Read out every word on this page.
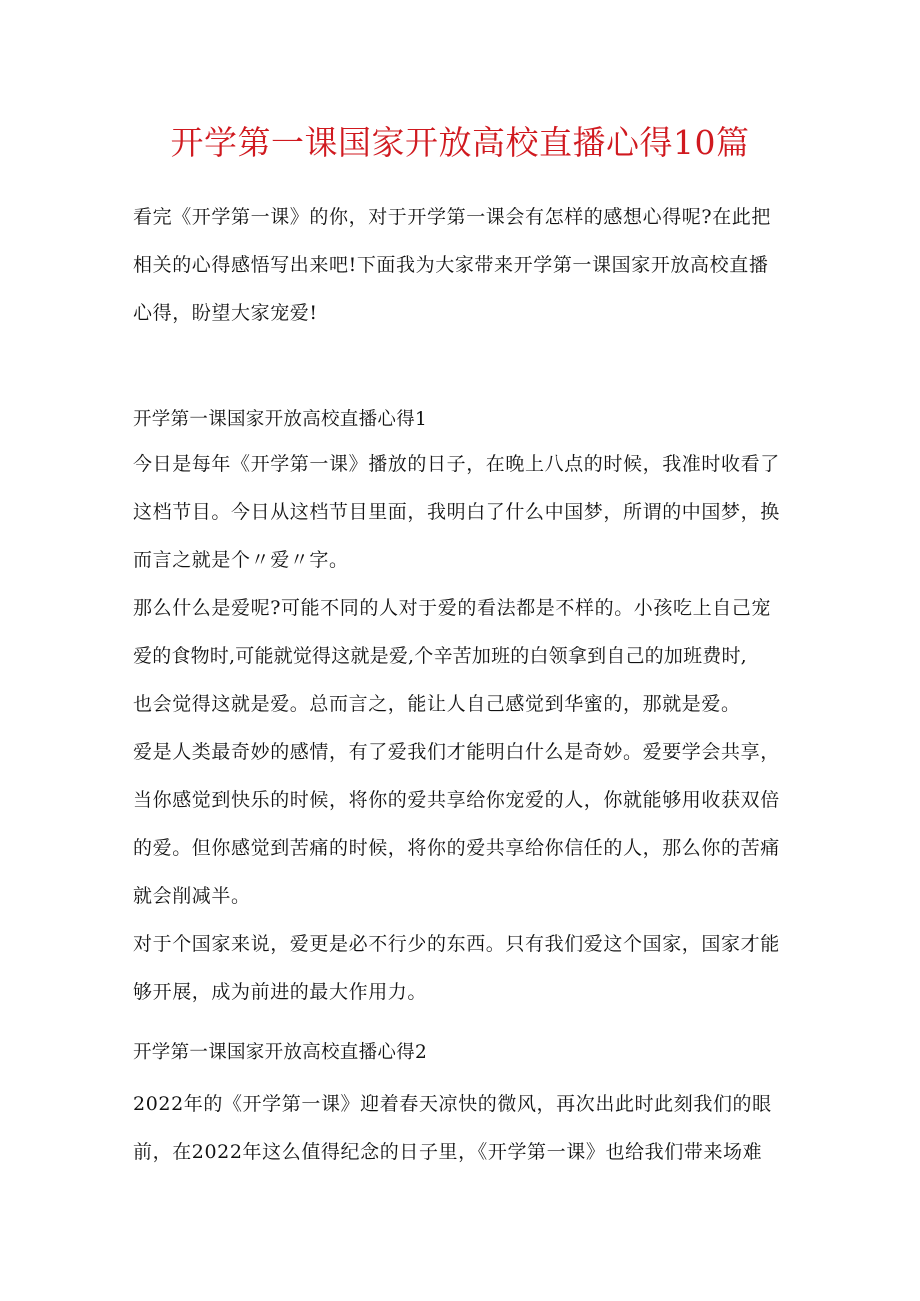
开学第一课国家开放高校直播心得10篇
看完《开学第一课》的你，对于开学第一课会有怎样的感想心得呢?在此把
相关的心得感悟写出来吧!下面我为大家带来开学第一课国家开放高校直播
心得，盼望大家宠爱!
开学第一课国家开放高校直播心得1
今日是每年《开学第一课》播放的日子，在晚上八点的时候，我准时收看了
这档节目。今日从这档节目里面，我明白了什么中国梦，所谓的中国梦，换
而言之就是个〃爱〃字。
那么什么是爱呢?可能不同的人对于爱的看法都是不样的。小孩吃上自己宠
爱的食物时,可能就觉得这就是爱,个辛苦加班的白领拿到自己的加班费时,
也会觉得这就是爱。总而言之，能让人自己感觉到华蜜的，那就是爱。
爱是人类最奇妙的感情，有了爱我们才能明白什么是奇妙。爱要学会共享，
当你感觉到快乐的时候，将你的爱共享给你宠爱的人，你就能够用收获双倍
的爱。但你感觉到苦痛的时候，将你的爱共享给你信任的人，那么你的苦痛
就会削减半。
对于个国家来说，爱更是必不行少的东西。只有我们爱这个国家，国家才能
够开展，成为前进的最大作用力。
开学第一课国家开放高校直播心得2
2022年的《开学第一课》迎着春天凉快的微风，再次出此时此刻我们的眼
前，在2022年这么值得纪念的日子里，《开学第一课》也给我们带来场难
